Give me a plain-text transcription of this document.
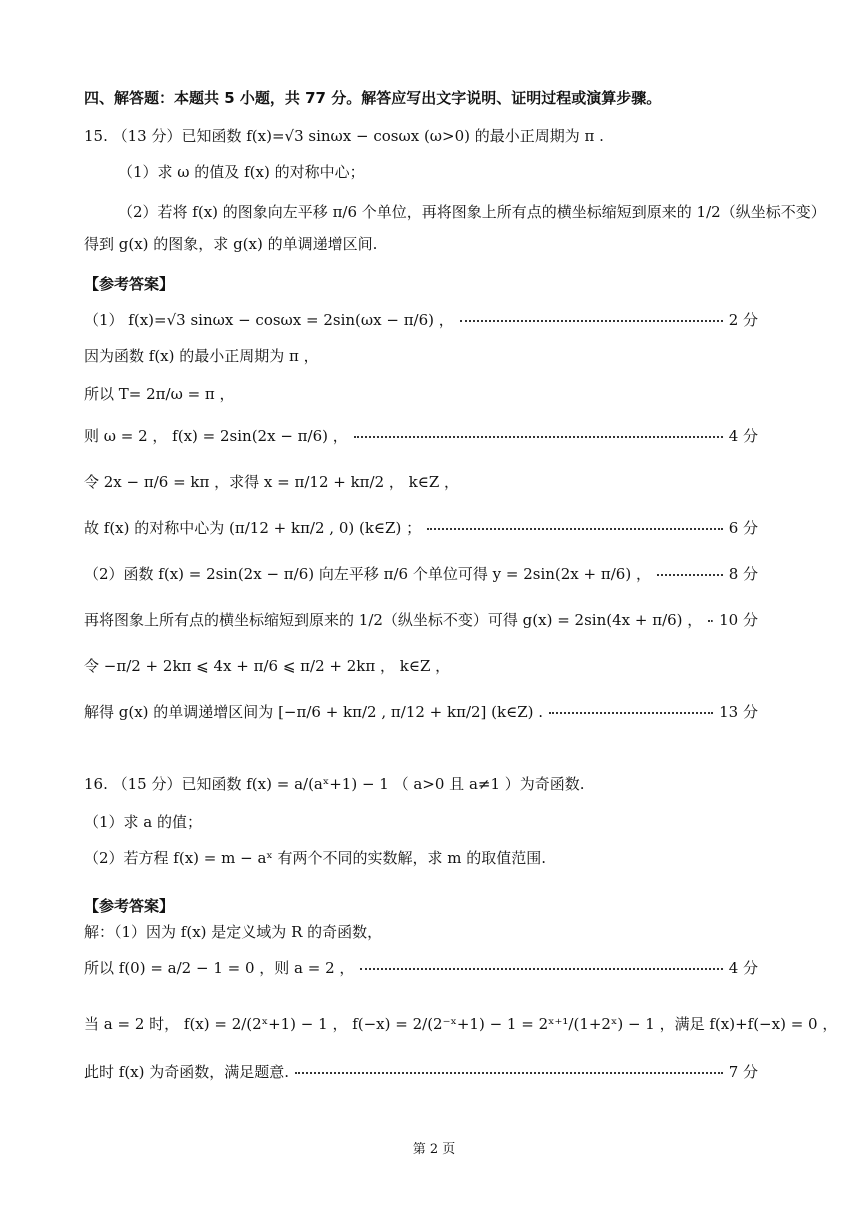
四、解答题：本题共 5 小题，共 77 分。解答应写出文字说明、证明过程或演算步骤。
15. （13 分）已知函数 f(x)=√3 sinωx − cosωx (ω>0) 的最小正周期为 π .
（1）求 ω 的值及 f(x) 的对称中心；
（2）若将 f(x) 的图象向左平移 π/6 个单位，再将图象上所有点的横坐标缩短到原来的 1/2（纵坐标不变）
得到 g(x) 的图象，求 g(x) 的单调递增区间.
【参考答案】
（1） f(x)=√3 sinωx − cosωx = 2sin(ωx − π/6) ，	2 分
因为函数 f(x) 的最小正周期为 π ，
所以 T= 2π/ω = π ，
则 ω = 2 ， f(x) = 2sin(2x − π/6) ，	4 分
令 2x − π/6 = kπ ，求得 x = π/12 + kπ/2 ， k∈Z ，
故 f(x) 的对称中心为 (π/12 + kπ/2 , 0) (k∈Z) ；	6 分
（2）函数 f(x) = 2sin(2x − π/6) 向左平移 π/6 个单位可得 y = 2sin(2x + π/6) ，	8 分
再将图象上所有点的横坐标缩短到原来的 1/2（纵坐标不变）可得 g(x) = 2sin(4x + π/6) ， 10 分
令 −π/2 + 2kπ ⩽ 4x + π/6 ⩽ π/2 + 2kπ ， k∈Z ，
解得 g(x) 的单调递增区间为 [−π/6 + kπ/2 , π/12 + kπ/2] (k∈Z) .	13 分
16. （15 分）已知函数 f(x) = a/(aˣ+1) − 1 （ a>0 且 a≠1 ）为奇函数.
（1）求 a 的值；
（2）若方程 f(x) = m − aˣ 有两个不同的实数解，求 m 的取值范围.
【参考答案】
解：（1）因为 f(x) 是定义域为 R 的奇函数，
所以 f(0) = a/2 − 1 = 0 ，则 a = 2 ，	4 分
当 a = 2 时， f(x) = 2/(2ˣ+1) − 1 ， f(−x) = 2/(2⁻ˣ+1) − 1 = 2ˣ⁺¹/(1+2ˣ) − 1 ，满足 f(x)+f(−x) = 0 ，
此时 f(x) 为奇函数，满足题意.	7 分
第 2 页
